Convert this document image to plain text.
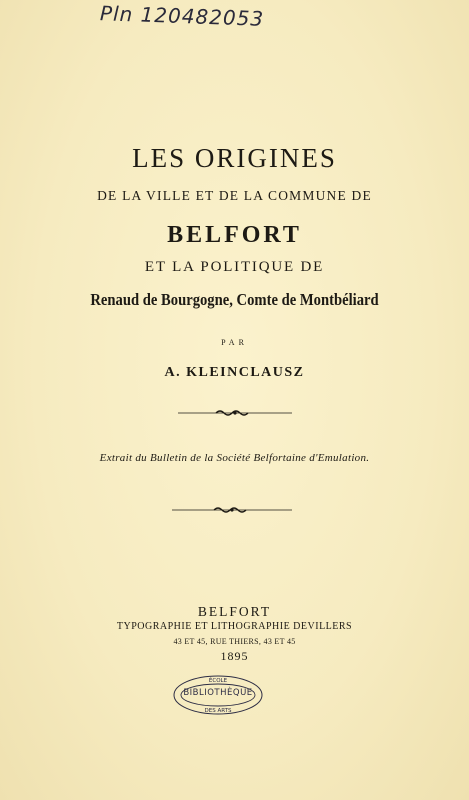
Pln 120482053
LES ORIGINES
DE LA VILLE ET DE LA COMMUNE DE
BELFORT
ET LA POLITIQUE DE
Renaud de Bourgogne, Comte de Montbéliard
PAR
A. KLEINCLAUSZ
Extrait du Bulletin de la Société Belfortaine d'Emulation.
BELFORT
TYPOGRAPHIE ET LITHOGRAPHIE DEVILLERS
43 ET 45, RUE THIERS, 43 ET 45
1895
ÉCOLE
DES ARTS
BIBLIOTHÈQUE
